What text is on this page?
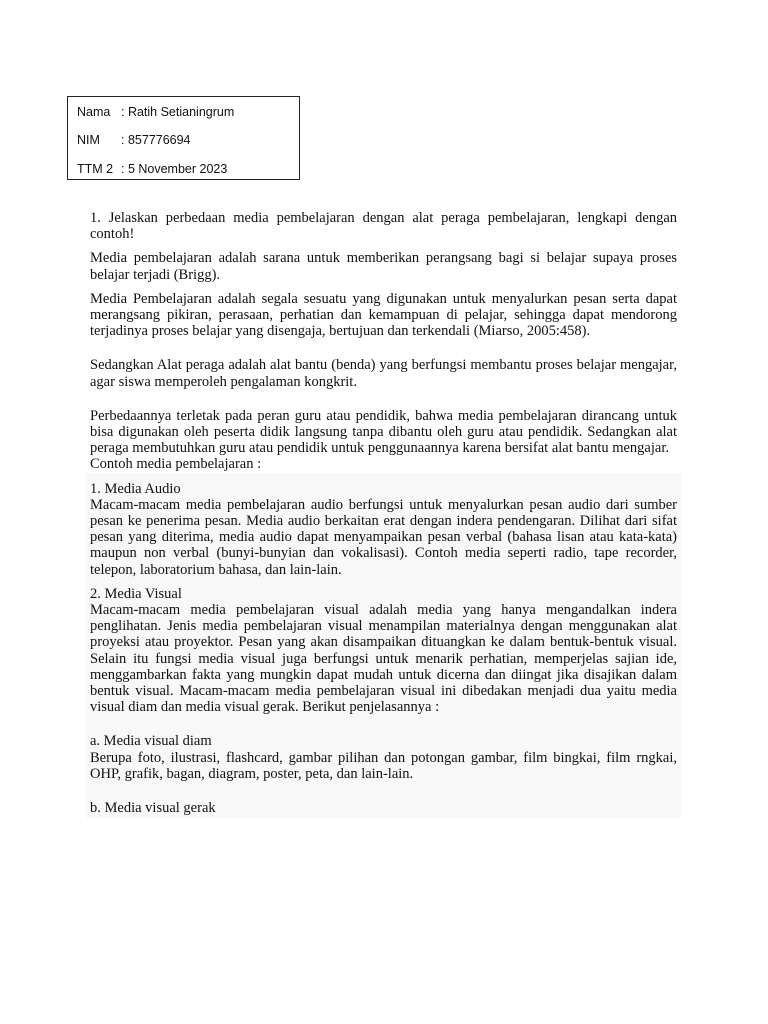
Nama : Ratih Setianingrum
NIM : 857776694
TTM 2 : 5 November 2023

1. Jelaskan perbedaan media pembelajaran dengan alat peraga pembelajaran, lengkapi dengan contoh!

Media pembelajaran adalah sarana untuk memberikan perangsang bagi si belajar supaya proses belajar terjadi (Brigg).

Media Pembelajaran adalah segala sesuatu yang digunakan untuk menyalurkan pesan serta dapat merangsang pikiran, perasaan, perhatian dan kemampuan di pelajar, sehingga dapat mendorong terjadinya proses belajar yang disengaja, bertujuan dan terkendali (Miarso, 2005:458).

Sedangkan Alat peraga adalah alat bantu (benda) yang berfungsi membantu proses belajar mengajar, agar siswa memperoleh pengalaman kongkrit.

Perbedaannya terletak pada peran guru atau pendidik, bahwa media pembelajaran dirancang untuk bisa digunakan oleh peserta didik langsung tanpa dibantu oleh guru atau pendidik. Sedangkan alat peraga membutuhkan guru atau pendidik untuk penggunaannya karena bersifat alat bantu mengajar.

Contoh media pembelajaran :

1. Media Audio

Macam-macam media pembelajaran audio berfungsi untuk menyalurkan pesan audio dari sumber pesan ke penerima pesan. Media audio berkaitan erat dengan indera pendengaran. Dilihat dari sifat pesan yang diterima, media audio dapat menyampaikan pesan verbal (bahasa lisan atau kata-kata) maupun non verbal (bunyi-bunyian dan vokalisasi). Contoh media seperti radio, tape recorder, telepon, laboratorium bahasa, dan lain-lain.

2. Media Visual

Macam-macam media pembelajaran visual adalah media yang hanya mengandalkan indera penglihatan. Jenis media pembelajaran visual menampilan materialnya dengan menggunakan alat proyeksi atau proyektor. Pesan yang akan disampaikan dituangkan ke dalam bentuk-bentuk visual. Selain itu fungsi media visual juga berfungsi untuk menarik perhatian, memperjelas sajian ide, menggambarkan fakta yang mungkin dapat mudah untuk dicerna dan diingat jika disajikan dalam bentuk visual. Macam-macam media pembelajaran visual ini dibedakan menjadi dua yaitu media visual diam dan media visual gerak. Berikut penjelasannya :

a. Media visual diam

Berupa foto, ilustrasi, flashcard, gambar pilihan dan potongan gambar, film bingkai, film rngkai, OHP, grafik, bagan, diagram, poster, peta, dan lain-lain.

b. Media visual gerak
